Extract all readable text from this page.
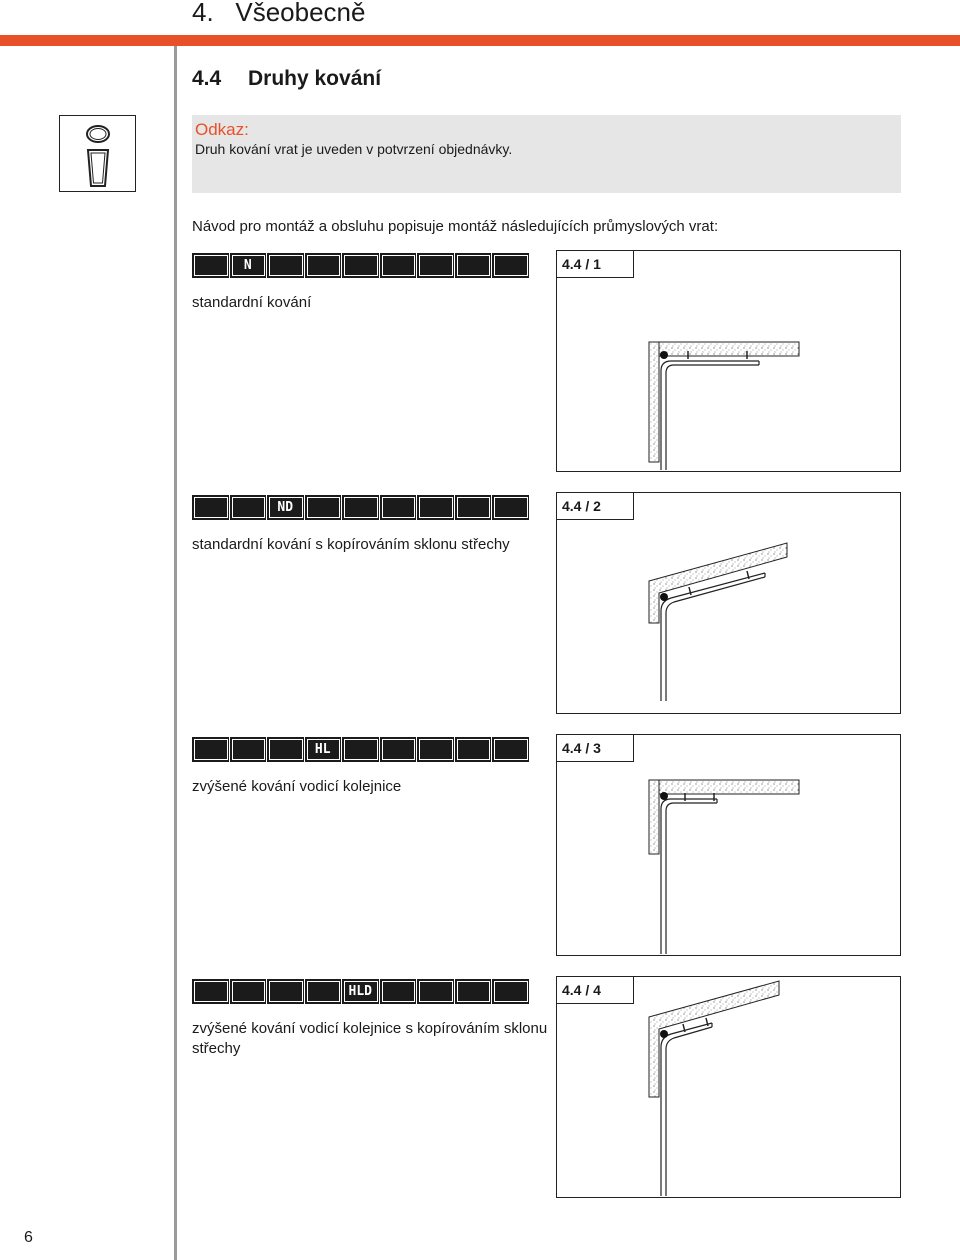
4.   Všeobecně
4.4 Druhy kování
Odkaz:
Druh kování vrat je uveden v potvrzení objednávky.
Návod pro montáž a obsluhu popisuje montáž následujících průmyslových vrat:
N
standardní kování
4.4 / 1
ND
standardní kování s kopírováním sklonu střechy
4.4 / 2
HL
zvýšené kování vodicí kolejnice
4.4 / 3
HLD
zvýšené kování vodicí kolejnice s kopírováním sklonu střechy
4.4 / 4
6
